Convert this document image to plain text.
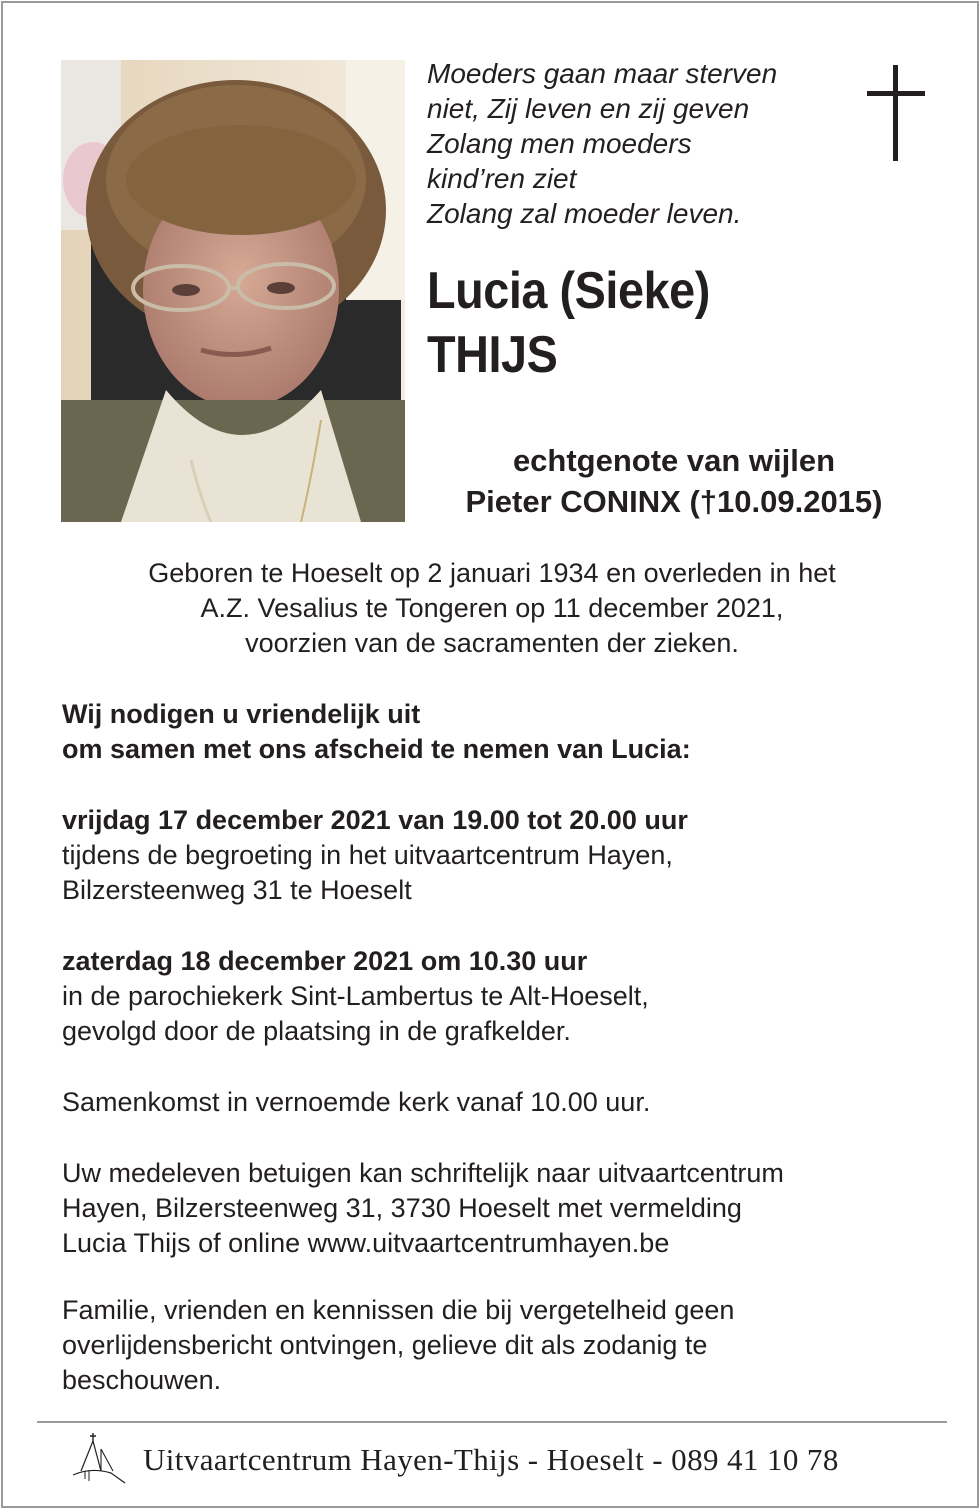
Moeders gaan maar sterven
niet, Zij leven en zij geven
Zolang men moeders
kind’ren ziet
Zolang zal moeder leven.
Lucia (Sieke)
THIJS
echtgenote van wijlen
Pieter CONINX (†10.09.2015)
Geboren te Hoeselt op 2 januari 1934 en overleden in het
A.Z. Vesalius te Tongeren op 11 december 2021,
voorzien van de sacramenten der zieken.
Wij nodigen u vriendelijk uit
om samen met ons afscheid te nemen van Lucia:
vrijdag 17 december 2021 van 19.00 tot 20.00 uur
tijdens de begroeting in het uitvaartcentrum Hayen,
Bilzersteenweg 31 te Hoeselt
zaterdag 18 december 2021 om 10.30 uur
in de parochiekerk Sint-Lambertus te Alt-Hoeselt,
gevolgd door de plaatsing in de grafkelder.
Samenkomst in vernoemde kerk vanaf 10.00 uur.
Uw medeleven betuigen kan schriftelijk naar uitvaartcentrum
Hayen, Bilzersteenweg 31, 3730 Hoeselt met vermelding
Lucia Thijs of online www.uitvaartcentrumhayen.be
Familie, vrienden en kennissen die bij vergetelheid geen
overlijdensbericht ontvingen, gelieve dit als zodanig te
beschouwen.
Uitvaartcentrum Hayen-Thijs - Hoeselt - 089 41 10 78
